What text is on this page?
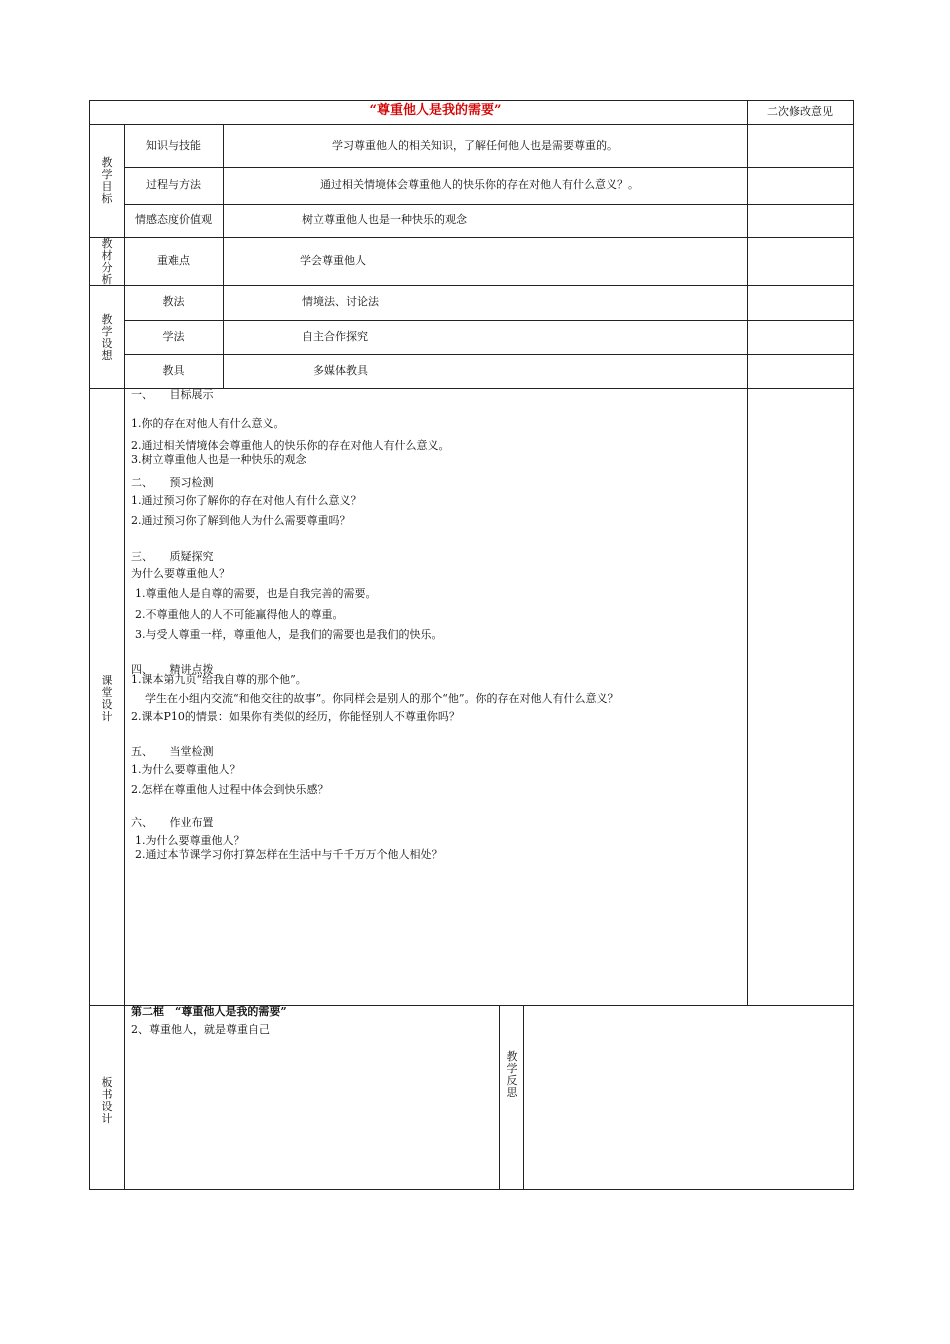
“尊重他人是我的需要”	二次修改意见
教学目标
知识与技能	学习尊重他人的相关知识，了解任何他人也是需要尊重的。
过程与方法	通过相关情境体会尊重他人的快乐你的存在对他人有什么意义？。
情感态度价值观	树立尊重他人也是一种快乐的观念
教材分析
重难点	学会尊重他人
教学设想
教法	情境法、讨论法
学法	自主合作探究
教具	多媒体教具
课堂设计
一、　　目标展示
1.你的存在对他人有什么意义。
2.通过相关情境体会尊重他人的快乐你的存在对他人有什么意义。
3.树立尊重他人也是一种快乐的观念
二、　　预习检测
1.通过预习你了解你的存在对他人有什么意义？
2.通过预习你了解到他人为什么需要尊重吗？
三、　　质疑探究
为什么要尊重他人？
1.尊重他人是自尊的需要，也是自我完善的需要。
2.不尊重他人的人不可能赢得他人的尊重。
3.与受人尊重一样，尊重他人，是我们的需要也是我们的快乐。
四、　　精讲点拨
1.课本第九页“给我自尊的那个他”。
学生在小组内交流“和他交往的故事”。你同样会是别人的那个“他”。你的存在对他人有什么意义？
2.课本P10的情景：如果你有类似的经历，你能怪别人不尊重你吗？
五、　　当堂检测
1.为什么要尊重他人？
2.怎样在尊重他人过程中体会到快乐感？
六、　　作业布置
1.为什么要尊重他人？
2.通过本节课学习你打算怎样在生活中与千千万万个他人相处？
板书设计
第二框　“尊重他人是我的需要”
2、尊重他人，就是尊重自己
教学反思
